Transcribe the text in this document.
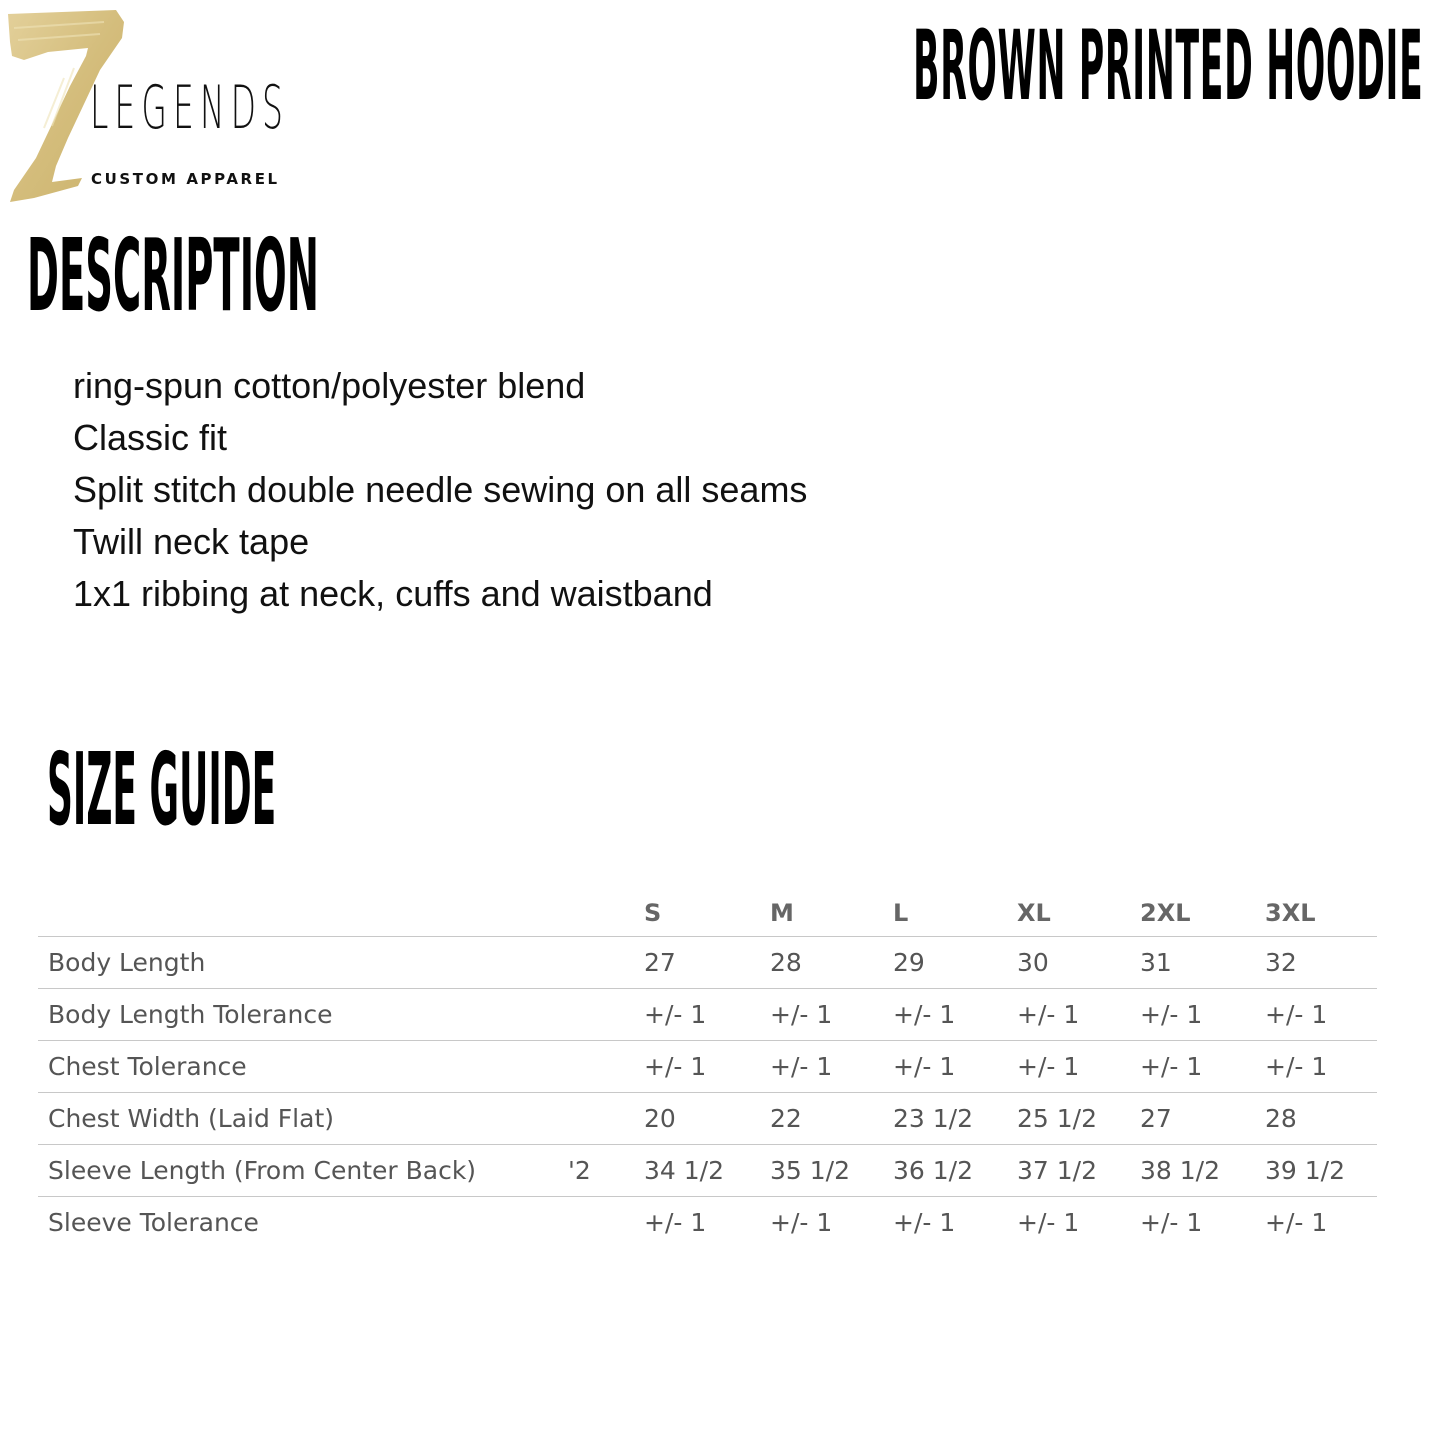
LEGENDS
CUSTOM APPAREL
BROWN PRINTED HOODIE
DESCRIPTION
ring-spun cotton/polyester blend
Classic fit
Split stitch double needle sewing on all seams
Twill neck tape
1x1 ribbing at neck, cuffs and waistband
SIZE GUIDE
		S	M	L	XL	2XL	3XL
Body Length		27	28	29	30	31	32
Body Length Tolerance		+/- 1	+/- 1	+/- 1	+/- 1	+/- 1	+/- 1
Chest Tolerance		+/- 1	+/- 1	+/- 1	+/- 1	+/- 1	+/- 1
Chest Width (Laid Flat)		20	22	23 1/2	25 1/2	27	28
Sleeve Length (From Center Back)	'2	34 1/2	35 1/2	36 1/2	37 1/2	38 1/2	39 1/2
Sleeve Tolerance		+/- 1	+/- 1	+/- 1	+/- 1	+/- 1	+/- 1
